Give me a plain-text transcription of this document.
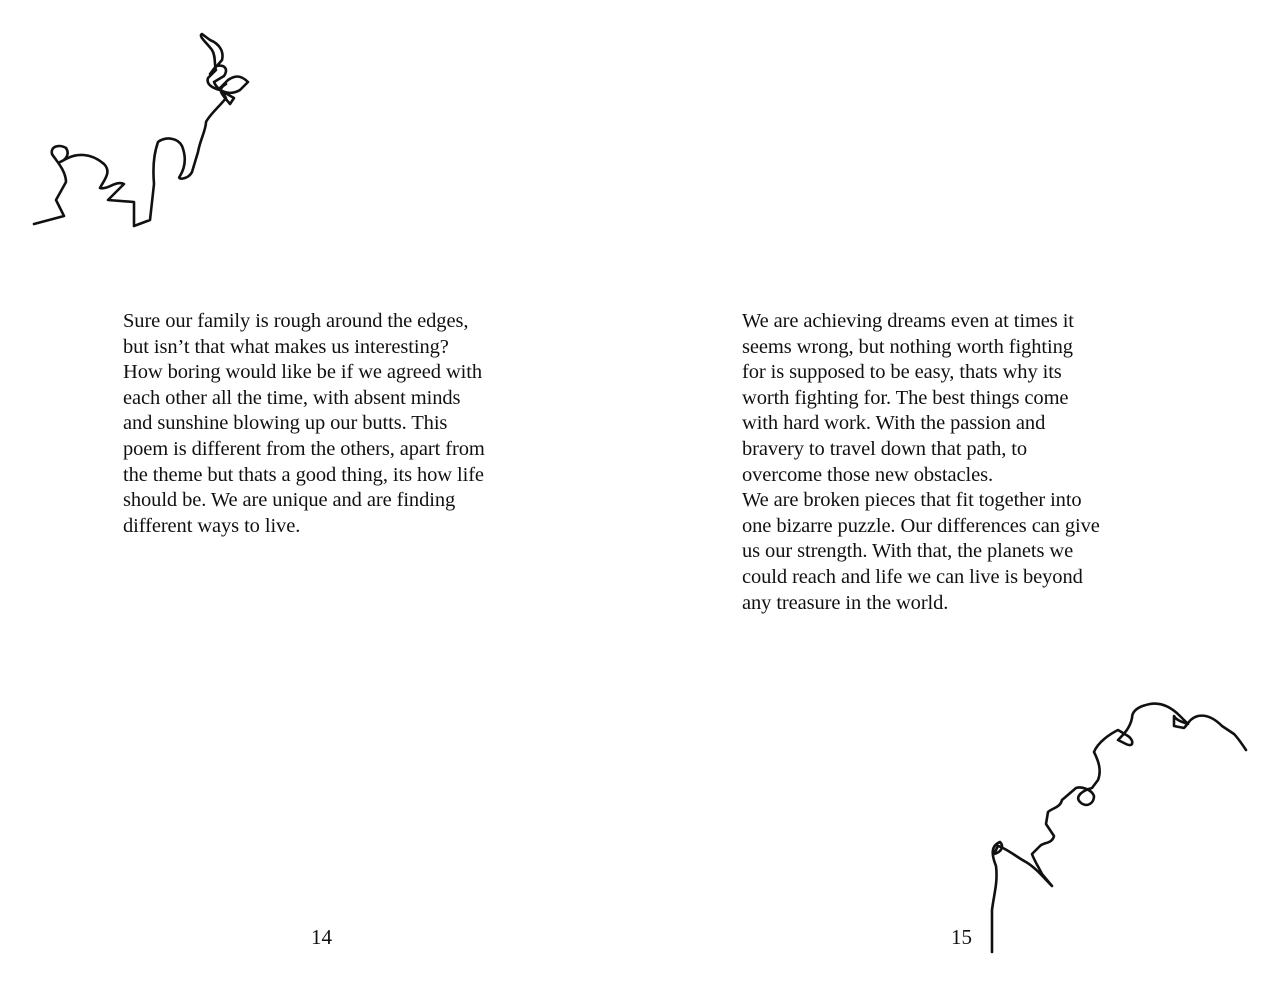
Sure our family is rough around the edges,
but isn’t that what makes us interesting?
How boring would like be if we agreed with
each other all the time, with absent minds
and sunshine blowing up our butts. This
poem is different from the others, apart from
the theme but thats a good thing, its how life
should be. We are unique and are finding
different ways to live.
14
We are achieving dreams even at times it
seems wrong, but nothing worth fighting
for is supposed to be easy, thats why its
worth fighting for. The best things come
with hard work. With the passion and
bravery to travel down that path, to
overcome those new obstacles.
We are broken pieces that fit together into
one bizarre puzzle. Our differences can give
us our strength. With that, the planets we
could reach and life we can live is beyond
any treasure in the world.
15
